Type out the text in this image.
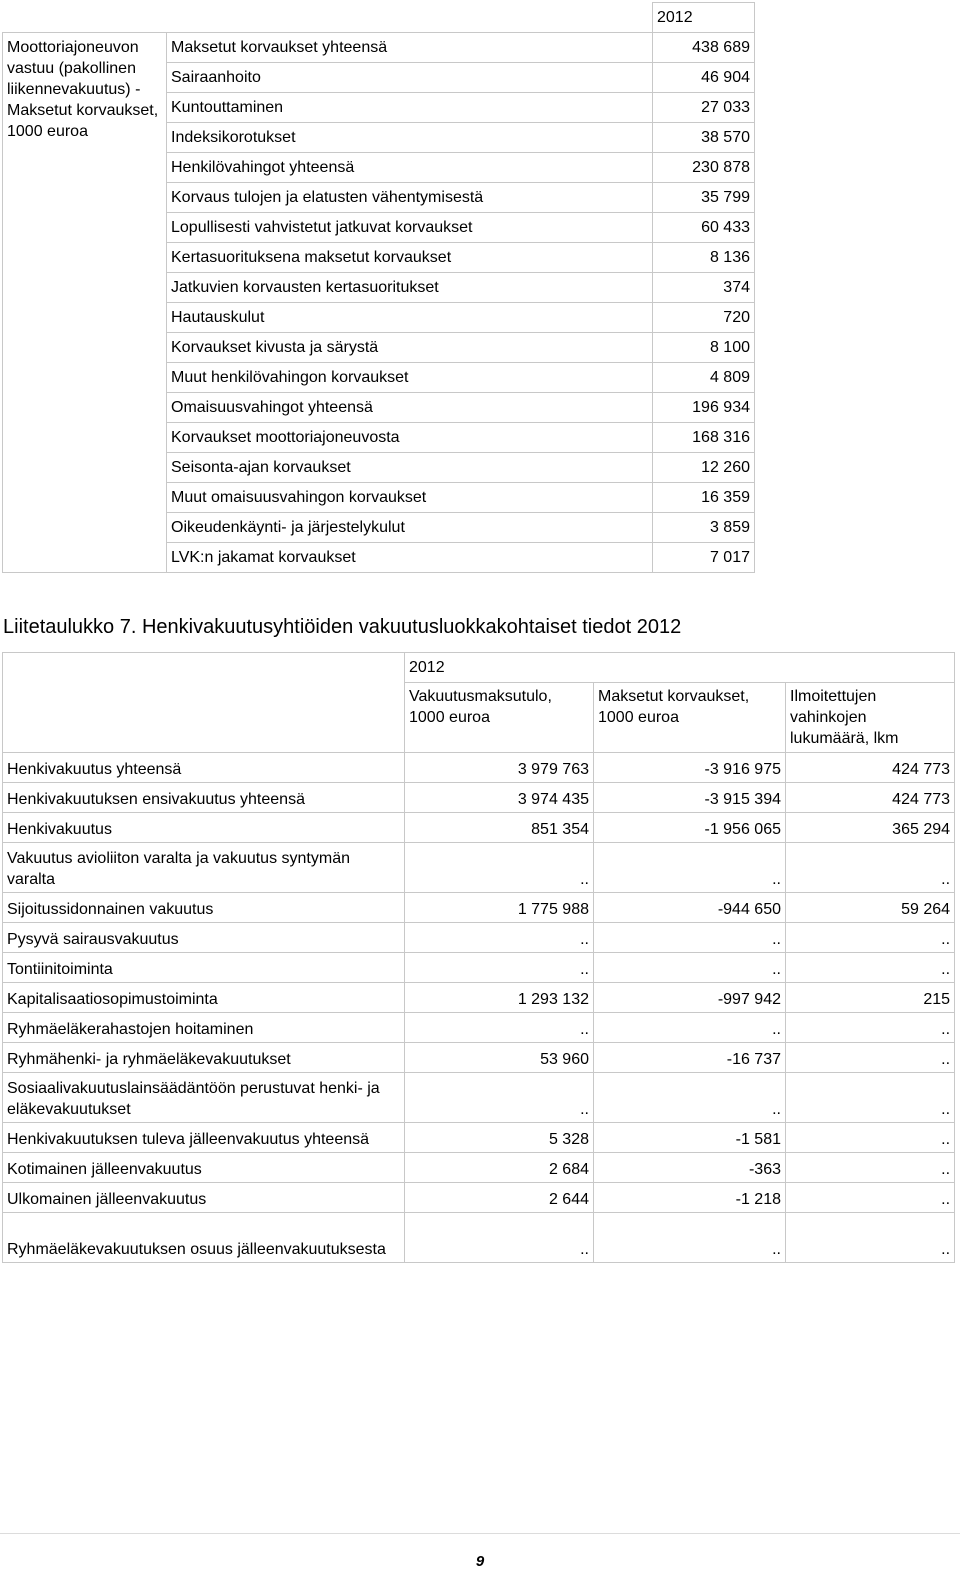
		2012
Moottoriajoneuvon vastuu (pakollinen liikennevakuutus) - Maksetut korvaukset, 1000 euroa	Maksetut korvaukset yhteensä	438 689
	Sairaanhoito	46 904
	Kuntouttaminen	27 033
	Indeksikorotukset	38 570
	Henkilövahingot yhteensä	230 878
	Korvaus tulojen ja elatusten vähentymisestä	35 799
	Lopullisesti vahvistetut jatkuvat korvaukset	60 433
	Kertasuorituksena maksetut korvaukset	8 136
	Jatkuvien korvausten kertasuoritukset	374
	Hautauskulut	720
	Korvaukset kivusta ja särystä	8 100
	Muut henkilövahingon korvaukset	4 809
	Omaisuusvahingot yhteensä	196 934
	Korvaukset moottoriajoneuvosta	168 316
	Seisonta-ajan korvaukset	12 260
	Muut omaisuusvahingon korvaukset	16 359
	Oikeudenkäynti- ja järjestelykulut	3 859
	LVK:n jakamat korvaukset	7 017
Liitetaulukko 7. Henkivakuutusyhtiöiden vakuutusluokkakohtaiset tiedot 2012
	2012		
	Vakuutusmaksutulo, 1000 euroa	Maksetut korvaukset, 1000 euroa	Ilmoitettujen vahinkojen lukumäärä, lkm
Henkivakuutus yhteensä	3 979 763	-3 916 975	424 773
Henkivakuutuksen ensivakuutus yhteensä	3 974 435	-3 915 394	424 773
Henkivakuutus	851 354	-1 956 065	365 294
Vakuutus avioliiton varalta ja vakuutus syntymän varalta	..	..	..
Sijoitussidonnainen vakuutus	1 775 988	-944 650	59 264
Pysyvä sairausvakuutus	..	..	..
Tontiinitoiminta	..	..	..
Kapitalisaatiosopimustoiminta	1 293 132	-997 942	215
Ryhmäeläkerahastojen hoitaminen	..	..	..
Ryhmähenki- ja ryhmäeläkevakuutukset	53 960	-16 737	..
Sosiaalivakuutuslainsäädäntöön perustuvat henki- ja eläkevakuutukset	..	..	..
Henkivakuutuksen tuleva jälleenvakuutus yhteensä	5 328	-1 581	..
Kotimainen jälleenvakuutus	2 684	-363	..
Ulkomainen jälleenvakuutus	2 644	-1 218	..
Ryhmäeläkevakuutuksen osuus jälleenvakuutuksesta	..	..	..
9
